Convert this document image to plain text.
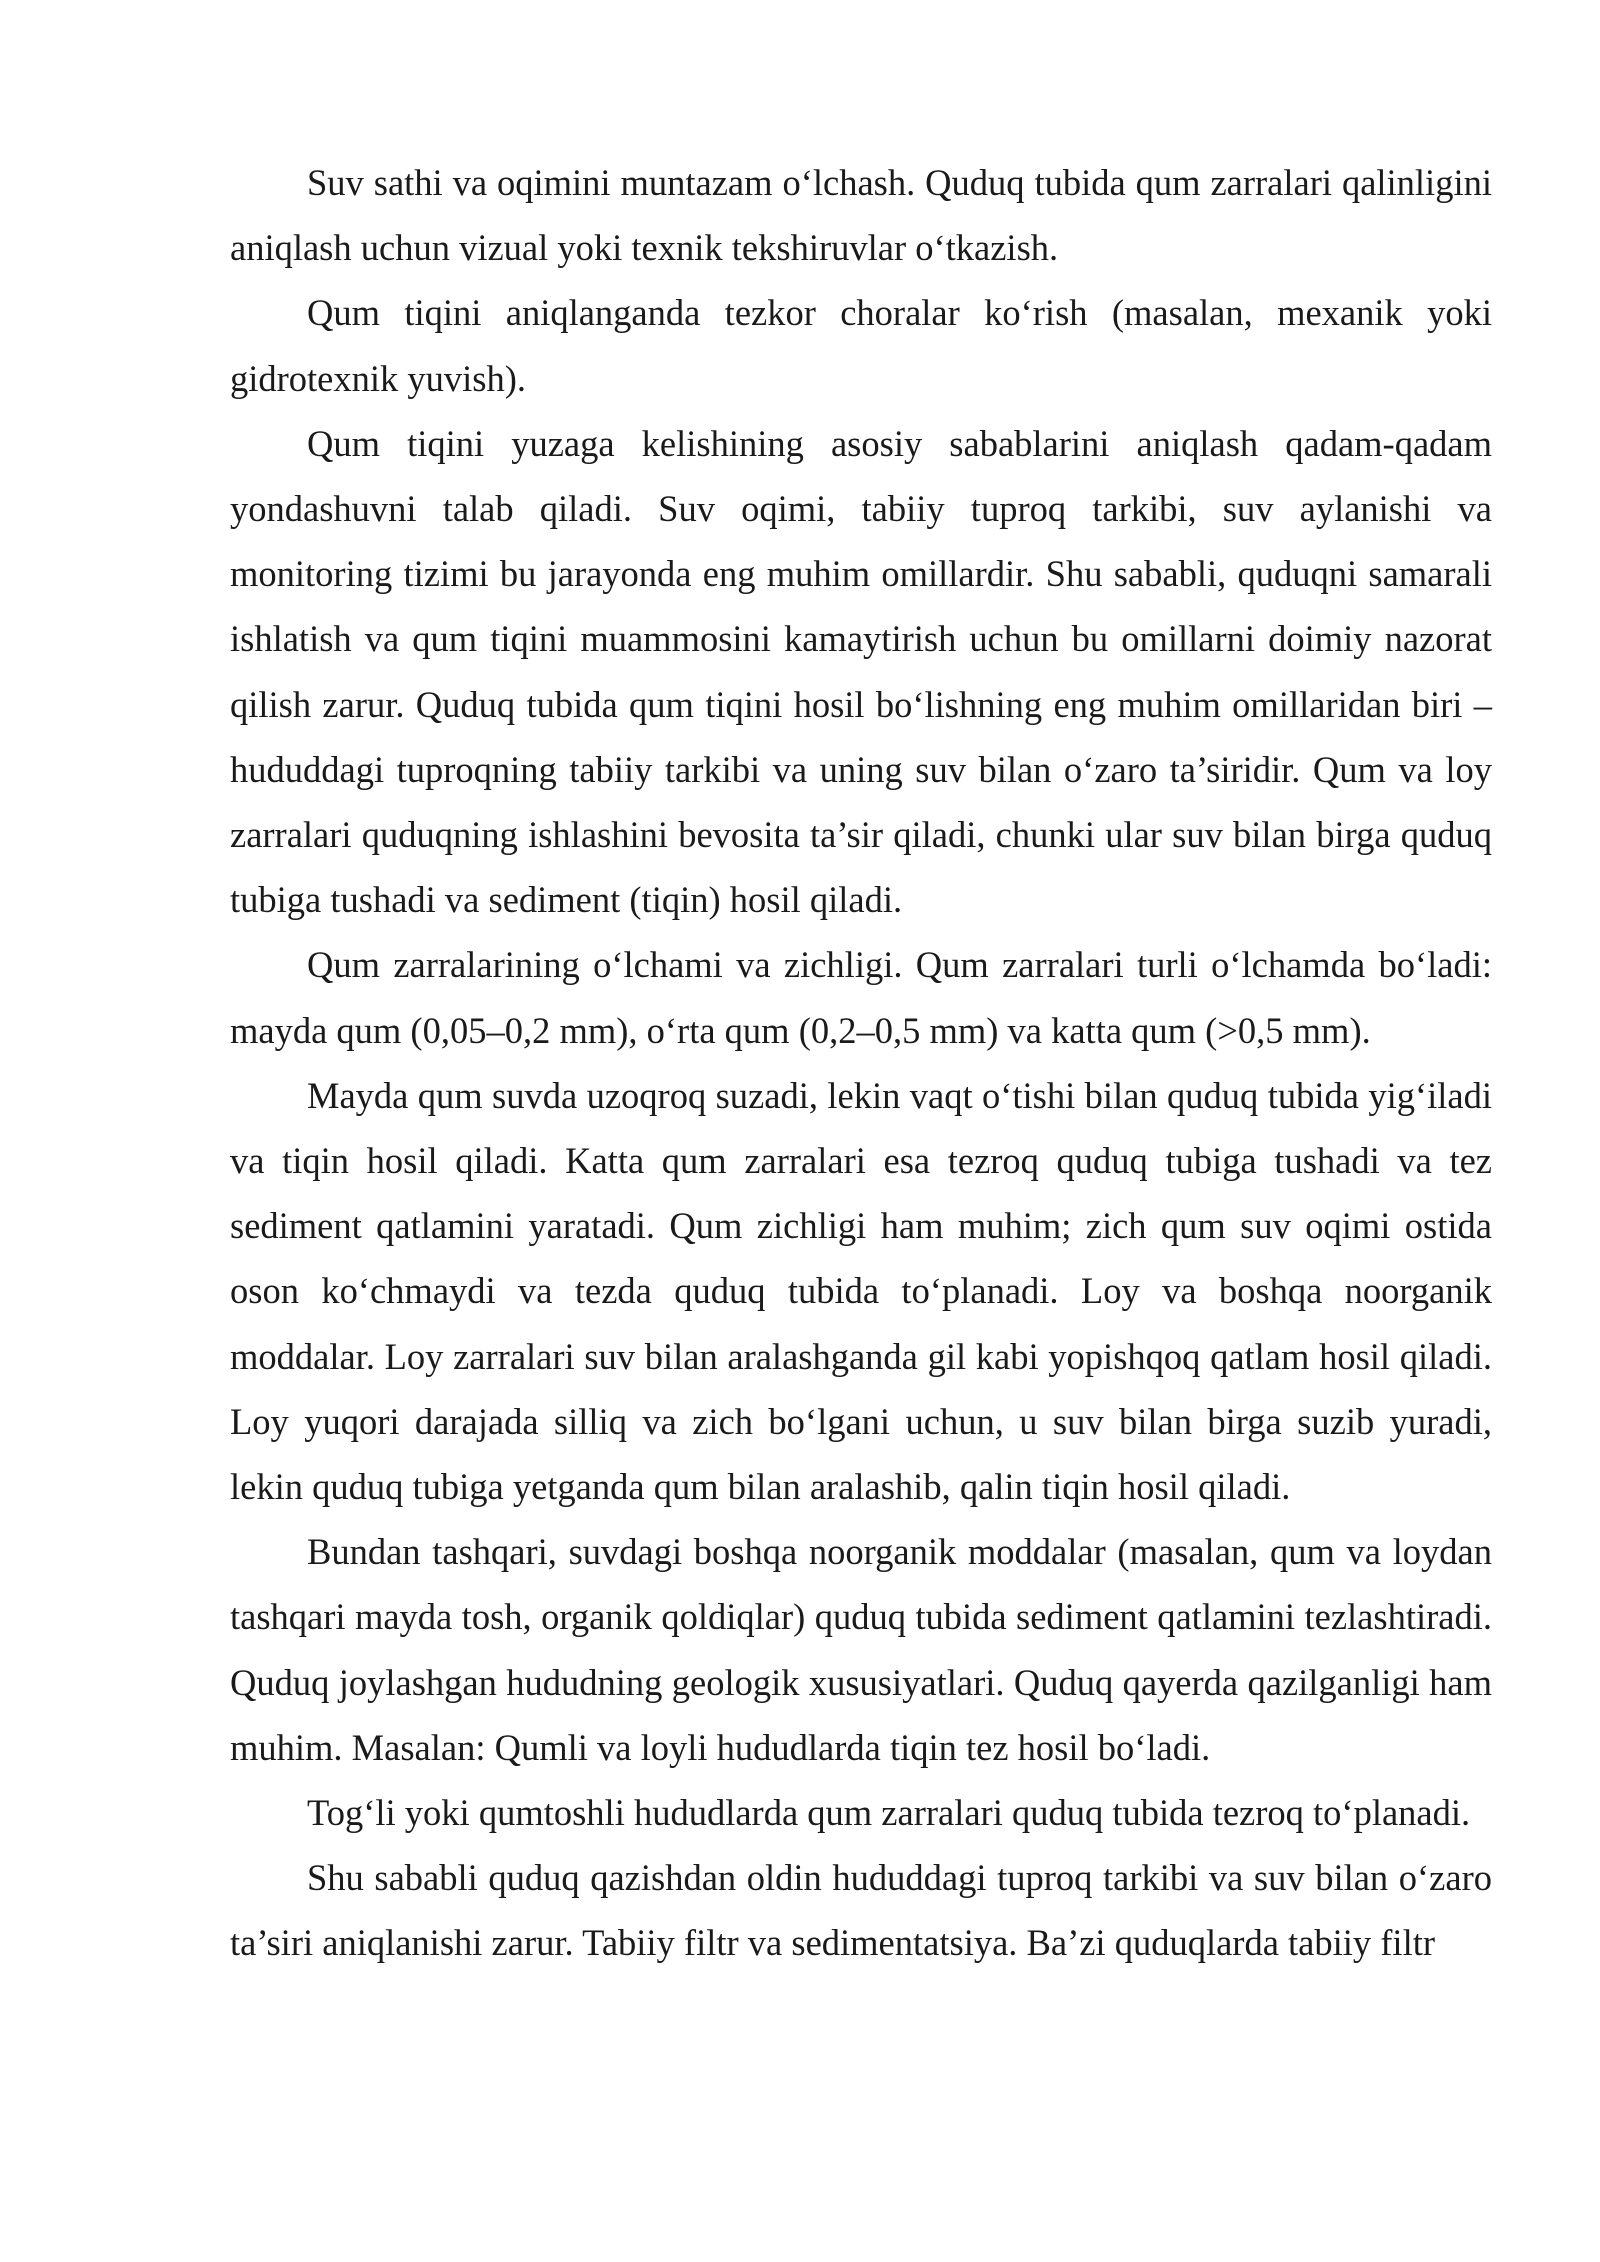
Suv sathi va oqimini muntazam o‘lchash. Quduq tubida qum zarralari qalinligini aniqlash uchun vizual yoki texnik tekshiruvlar o‘tkazish.

Qum tiqini aniqlanganda tezkor choralar ko‘rish (masalan, mexanik yoki gidrotexnik yuvish).

Qum tiqini yuzaga kelishining asosiy sabablarini aniqlash qadam-qadam yondashuvni talab qiladi. Suv oqimi, tabiiy tuproq tarkibi, suv aylanishi va monitoring tizimi bu jarayonda eng muhim omillardir. Shu sababli, quduqni samarali ishlatish va qum tiqini muammosini kamaytirish uchun bu omillarni doimiy nazorat qilish zarur. Quduq tubida qum tiqini hosil bo‘lishning eng muhim omillaridan biri – hududdagi tuproqning tabiiy tarkibi va uning suv bilan o‘zaro ta’siridir. Qum va loy zarralari quduqning ishlashini bevosita ta’sir qiladi, chunki ular suv bilan birga quduq tubiga tushadi va sediment (tiqin) hosil qiladi.

Qum zarralarining o‘lchami va zichligi. Qum zarralari turli o‘lchamda bo‘ladi: mayda qum (0,05–0,2 mm), o‘rta qum (0,2–0,5 mm) va katta qum (>0,5 mm).

Mayda qum suvda uzoqroq suzadi, lekin vaqt o‘tishi bilan quduq tubida yig‘iladi va tiqin hosil qiladi. Katta qum zarralari esa tezroq quduq tubiga tushadi va tez sediment qatlamini yaratadi. Qum zichligi ham muhim; zich qum suv oqimi ostida oson ko‘chmaydi va tezda quduq tubida to‘planadi. Loy va boshqa noorganik moddalar. Loy zarralari suv bilan aralashganda gil kabi yopishqoq qatlam hosil qiladi. Loy yuqori darajada silliq va zich bo‘lgani uchun, u suv bilan birga suzib yuradi, lekin quduq tubiga yetganda qum bilan aralashib, qalin tiqin hosil qiladi.

Bundan tashqari, suvdagi boshqa noorganik moddalar (masalan, qum va loydan tashqari mayda tosh, organik qoldiqlar) quduq tubida sediment qatlamini tezlashtiradi. Quduq joylashgan hududning geologik xususiyatlari. Quduq qayerda qazilganligi ham muhim. Masalan: Qumli va loyli hududlarda tiqin tez hosil bo‘ladi.

Tog‘li yoki qumtoshli hududlarda qum zarralari quduq tubida tezroq to‘planadi.

Shu sababli quduq qazishdan oldin hududdagi tuproq tarkibi va suv bilan o‘zaro ta’siri aniqlanishi zarur. Tabiiy filtr va sedimentatsiya. Ba’zi quduqlarda tabiiy filtr
